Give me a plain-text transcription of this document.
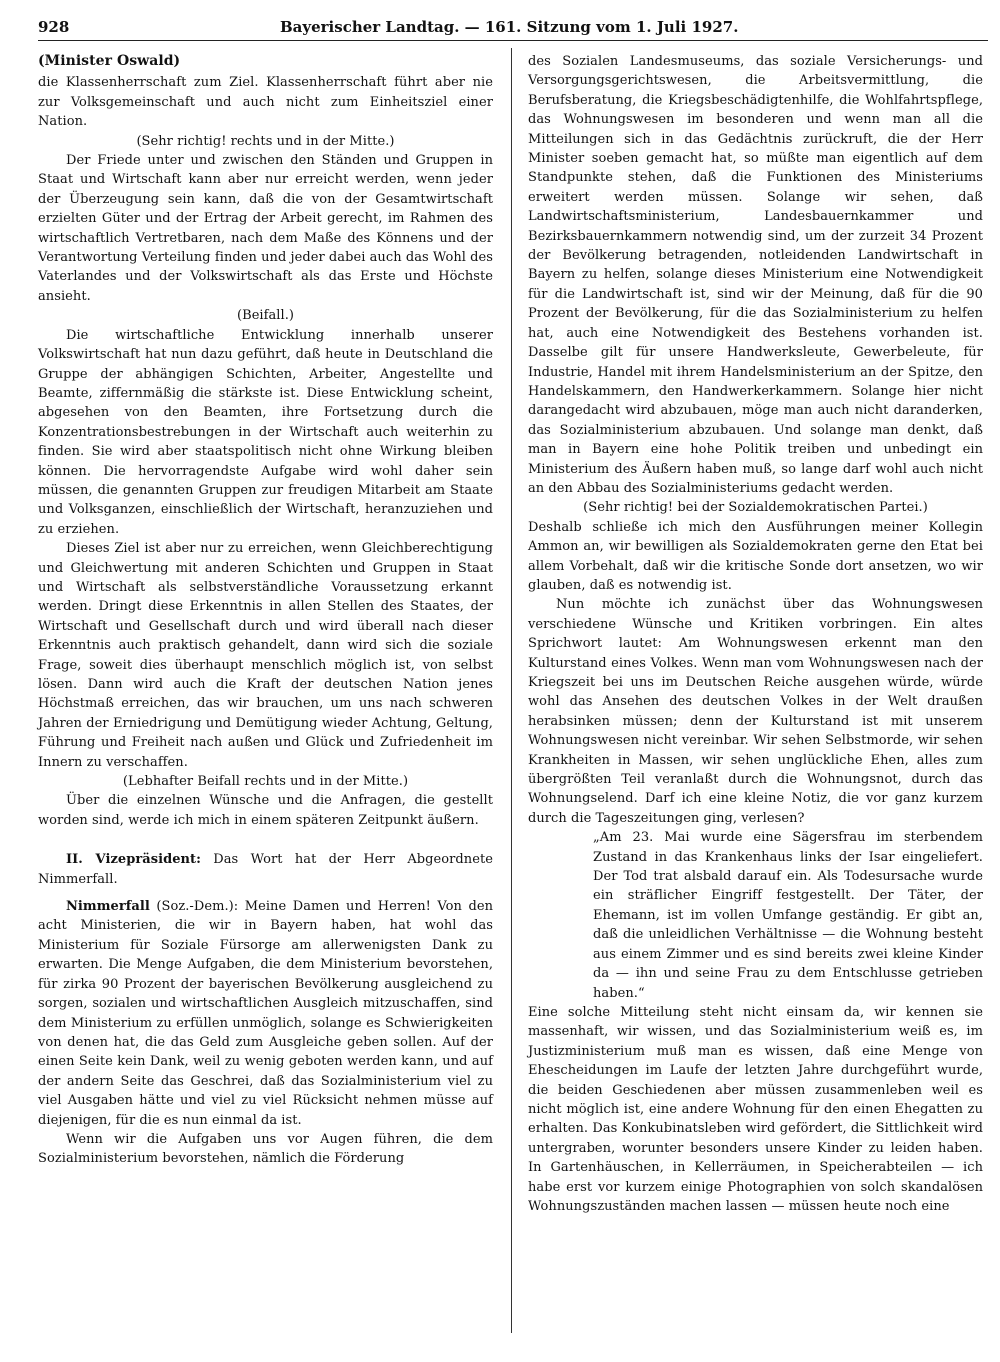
928	Bayerischer Landtag. — 161. Sitzung vom 1. Juli 1927.

(Minister Oswald)

die Klassenherrschaft zum Ziel. Klassenherrschaft führt aber nie zur Volksgemeinschaft und auch nicht zum Einheitsziel einer Nation.

(Sehr richtig! rechts und in der Mitte.)

Der Friede unter und zwischen den Ständen und Gruppen in Staat und Wirtschaft kann aber nur erreicht werden, wenn jeder der Überzeugung sein kann, daß die von der Gesamtwirtschaft erzielten Güter und der Ertrag der Arbeit gerecht, im Rahmen des wirtschaftlich Vertretbaren, nach dem Maße des Könnens und der Verantwortung Verteilung finden und jeder dabei auch das Wohl des Vaterlandes und der Volkswirtschaft als das Erste und Höchste ansieht.

(Beifall.)

Die wirtschaftliche Entwicklung innerhalb unserer Volkswirtschaft hat nun dazu geführt, daß heute in Deutschland die Gruppe der abhängigen Schichten, Arbeiter, Angestellte und Beamte, ziffernmäßig die stärkste ist. Diese Entwicklung scheint, abgesehen von den Beamten, ihre Fortsetzung durch die Konzentrationsbestrebungen in der Wirtschaft auch weiterhin zu finden. Sie wird aber staatspolitisch nicht ohne Wirkung bleiben können. Die hervorragendste Aufgabe wird wohl daher sein müssen, die genannten Gruppen zur freudigen Mitarbeit am Staate und Volksganzen, einschließlich der Wirtschaft, heranzuziehen und zu erziehen.

Dieses Ziel ist aber nur zu erreichen, wenn Gleichberechtigung und Gleichwertung mit anderen Schichten und Gruppen in Staat und Wirtschaft als selbstverständliche Voraussetzung erkannt werden. Dringt diese Erkenntnis in allen Stellen des Staates, der Wirtschaft und Gesellschaft durch und wird überall nach dieser Erkenntnis auch praktisch gehandelt, dann wird sich die soziale Frage, soweit dies überhaupt menschlich möglich ist, von selbst lösen. Dann wird auch die Kraft der deutschen Nation jenes Höchstmaß erreichen, das wir brauchen, um uns nach schweren Jahren der Erniedrigung und Demütigung wieder Achtung, Geltung, Führung und Freiheit nach außen und Glück und Zufriedenheit im Innern zu verschaffen.

(Lebhafter Beifall rechts und in der Mitte.)

Über die einzelnen Wünsche und die Anfragen, die gestellt worden sind, werde ich mich in einem späteren Zeitpunkt äußern.

II. Vizepräsident: Das Wort hat der Herr Abgeordnete Nimmerfall.

Nimmerfall (Soz.-Dem.): Meine Damen und Herren! Von den acht Ministerien, die wir in Bayern haben, hat wohl das Ministerium für Soziale Fürsorge am allerwenigsten Dank zu erwarten. Die Menge Aufgaben, die dem Ministerium bevorstehen, für zirka 90 Prozent der bayerischen Bevölkerung ausgleichend zu sorgen, sozialen und wirtschaftlichen Ausgleich mitzuschaffen, sind dem Ministerium zu erfüllen unmöglich, solange es Schwierigkeiten von denen hat, die das Geld zum Ausgleiche geben sollen. Auf der einen Seite kein Dank, weil zu wenig geboten werden kann, und auf der andern Seite das Geschrei, daß das Sozialministerium viel zu viel Ausgaben hätte und viel zu viel Rücksicht nehmen müsse auf diejenigen, für die es nun einmal da ist.

Wenn wir die Aufgaben uns vor Augen führen, die dem Sozialministerium bevorstehen, nämlich die Förderung

des Sozialen Landesmuseums, das soziale Versicherungs- und Versorgungsgerichtswesen, die Arbeitsvermittlung, die Berufsberatung, die Kriegsbeschädigtenhilfe, die Wohlfahrtspflege, das Wohnungswesen im besonderen und wenn man all die Mitteilungen sich in das Gedächtnis zurückruft, die der Herr Minister soeben gemacht hat, so müßte man eigentlich auf dem Standpunkte stehen, daß die Funktionen des Ministeriums erweitert werden müssen. Solange wir sehen, daß Landwirtschaftsministerium, Landesbauernkammer und Bezirksbauernkammern notwendig sind, um der zurzeit 34 Prozent der Bevölkerung betragenden, notleidenden Landwirtschaft in Bayern zu helfen, solange dieses Ministerium eine Notwendigkeit für die Landwirtschaft ist, sind wir der Meinung, daß für die 90 Prozent der Bevölkerung, für die das Sozialministerium zu helfen hat, auch eine Notwendigkeit des Bestehens vorhanden ist. Dasselbe gilt für unsere Handwerksleute, Gewerbeleute, für Industrie, Handel mit ihrem Handelsministerium an der Spitze, den Handelskammern, den Handwerkerkammern. Solange hier nicht darangedacht wird abzubauen, möge man auch nicht daranderken, das Sozialministerium abzubauen. Und solange man denkt, daß man in Bayern eine hohe Politik treiben und unbedingt ein Ministerium des Äußern haben muß, so lange darf wohl auch nicht an den Abbau des Sozialministeriums gedacht werden.

(Sehr richtig! bei der Sozialdemokratischen Partei.)

Deshalb schließe ich mich den Ausführungen meiner Kollegin Ammon an, wir bewilligen als Sozialdemokraten gerne den Etat bei allem Vorbehalt, daß wir die kritische Sonde dort ansetzen, wo wir glauben, daß es notwendig ist.

Nun möchte ich zunächst über das Wohnungswesen verschiedene Wünsche und Kritiken vorbringen. Ein altes Sprichwort lautet: Am Wohnungswesen erkennt man den Kulturstand eines Volkes. Wenn man vom Wohnungswesen nach der Kriegszeit bei uns im Deutschen Reiche ausgehen würde, würde wohl das Ansehen des deutschen Volkes in der Welt draußen herabsinken müssen; denn der Kulturstand ist mit unserem Wohnungswesen nicht vereinbar. Wir sehen Selbstmorde, wir sehen Krankheiten in Massen, wir sehen unglückliche Ehen, alles zum übergrößten Teil veranlaßt durch die Wohnungsnot, durch das Wohnungselend. Darf ich eine kleine Notiz, die vor ganz kurzem durch die Tageszeitungen ging, verlesen?

„Am 23. Mai wurde eine Sägersfrau im sterbendem Zustand in das Krankenhaus links der Isar eingeliefert. Der Tod trat alsbald darauf ein. Als Todesursache wurde ein sträflicher Eingriff festgestellt. Der Täter, der Ehemann, ist im vollen Umfange geständig. Er gibt an, daß die unleidlichen Verhältnisse — die Wohnung besteht aus einem Zimmer und es sind bereits zwei kleine Kinder da — ihn und seine Frau zu dem Entschlusse getrieben haben.“

Eine solche Mitteilung steht nicht einsam da, wir kennen sie massenhaft, wir wissen, und das Sozialministerium weiß es, im Justizministerium muß man es wissen, daß eine Menge von Ehescheidungen im Laufe der letzten Jahre durchgeführt wurde, die beiden Geschiedenen aber müssen zusammenleben weil es nicht möglich ist, eine andere Wohnung für den einen Ehegatten zu erhalten. Das Konkubinatsleben wird gefördert, die Sittlichkeit wird untergraben, worunter besonders unsere Kinder zu leiden haben. In Gartenhäuschen, in Kellerräumen, in Speicherabteilen — ich habe erst vor kurzem einige Photographien von solch skandalösen Wohnungszuständen machen lassen — müssen heute noch eine
